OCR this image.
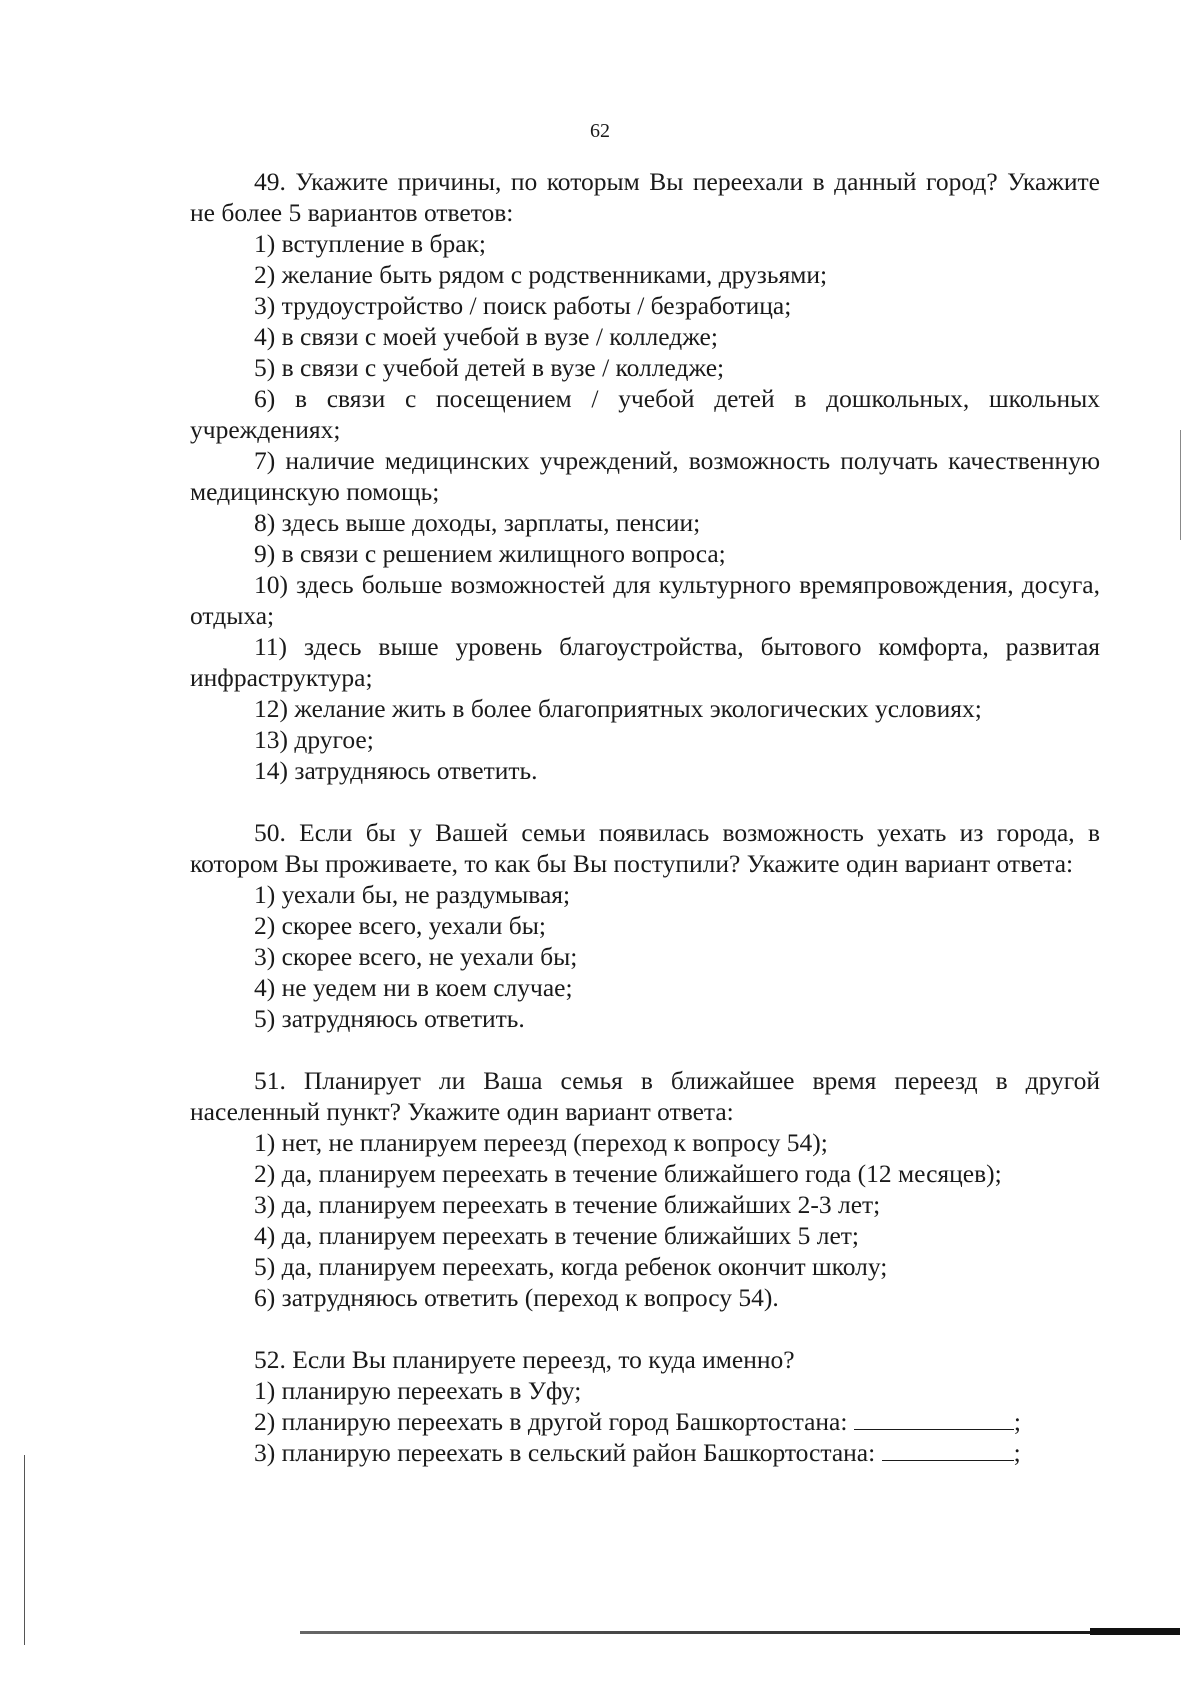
62

49. Укажите причины, по которым Вы переехали в данный город? Укажите не более 5 вариантов ответов:

1) вступление в брак;

2) желание быть рядом с родственниками, друзьями;

3) трудоустройство / поиск работы / безработица;

4) в связи с моей учебой в вузе / колледже;

5) в связи с учебой детей в вузе / колледже;

6) в связи с посещением / учебой детей в дошкольных, школьных учреждениях;

7) наличие медицинских учреждений, возможность получать качественную медицинскую помощь;

8) здесь выше доходы, зарплаты, пенсии;

9) в связи с решением жилищного вопроса;

10) здесь больше возможностей для культурного времяпровождения, досуга, отдыха;

11) здесь выше уровень благоустройства, бытового комфорта, развитая инфраструктура;

12) желание жить в более благоприятных экологических условиях;

13) другое;

14) затрудняюсь ответить.

50. Если бы у Вашей семьи появилась возможность уехать из города, в котором Вы проживаете, то как бы Вы поступили? Укажите один вариант ответа:

1) уехали бы, не раздумывая;

2) скорее всего, уехали бы;

3) скорее всего, не уехали бы;

4) не уедем ни в коем случае;

5) затрудняюсь ответить.

51. Планирует ли Ваша семья в ближайшее время переезд в другой населенный пункт? Укажите один вариант ответа:

1) нет, не планируем переезд (переход к вопросу 54);

2) да, планируем переехать в течение ближайшего года (12 месяцев);

3) да, планируем переехать в течение ближайших 2-3 лет;

4) да, планируем переехать в течение ближайших 5 лет;

5) да, планируем переехать, когда ребенок окончит школу;

6) затрудняюсь ответить (переход к вопросу 54).

52. Если Вы планируете переезд, то куда именно?

1) планирую переехать в Уфу;

2) планирую переехать в другой город Башкортостана:	;

3) планирую переехать в сельский район Башкортостана:	;
